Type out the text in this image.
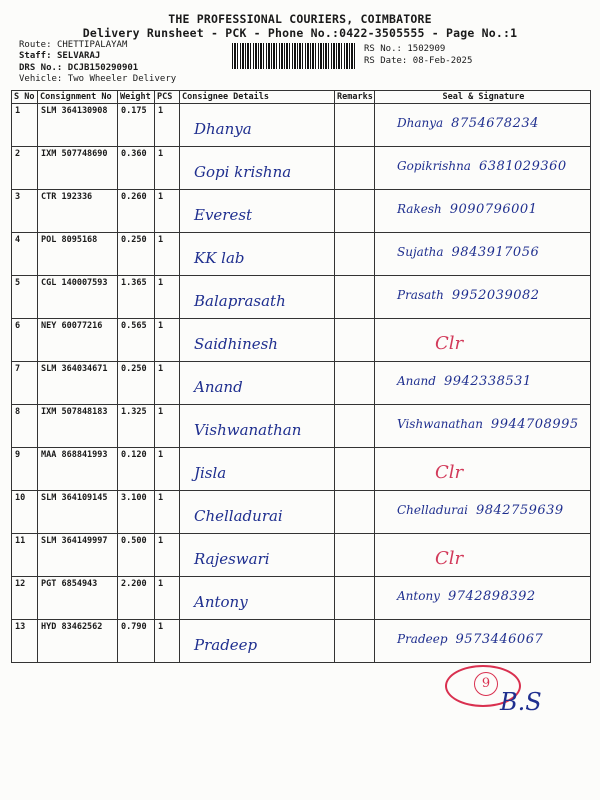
THE PROFESSIONAL COURIERS, COIMBATORE
Delivery Runsheet - PCK - Phone No.:0422-3505555 - Page No.:1
Route: CHETTIPALAYAM
Staff: SELVARAJ
DRS No.: DCJB150290901
Vehicle: Two Wheeler Delivery
RS No.: 1502909
RS Date: 08-Feb-2025
S No	Consignment No	Weight	PCS	Consignee Details	Remarks	Seal & Signature
1	SLM 364130908	0.175	1	Dhanya		Dhanya 8754678234

2	IXM 507748690	0.360	1	Gopi krishna		Gopikrishna 6381029360

3	CTR 192336	0.260	1	Everest		Rakesh 9090796001

4	POL 8095168	0.250	1	KK lab		Sujatha 9843917056

5	CGL 140007593	1.365	1	Balaprasath		Prasath 9952039082

6	NEY 60077216	0.565	1	Saidhinesh		Clr

7	SLM 364034671	0.250	1	Anand		Anand 9942338531

8	IXM 507848183	1.325	1	Vishwanathan		Vishwanathan 9944708995

9	MAA 868841993	0.120	1	Jisla		Clr

10	SLM 364109145	3.100	1	Chelladurai		Chelladurai 9842759639

11	SLM 364149997	0.500	1	Rajeswari		Clr

12	PGT 6854943	2.200	1	Antony		Antony 9742898392

13	HYD 83462562	0.790	1	Pradeep		Pradeep 9573446067
9
B.S
